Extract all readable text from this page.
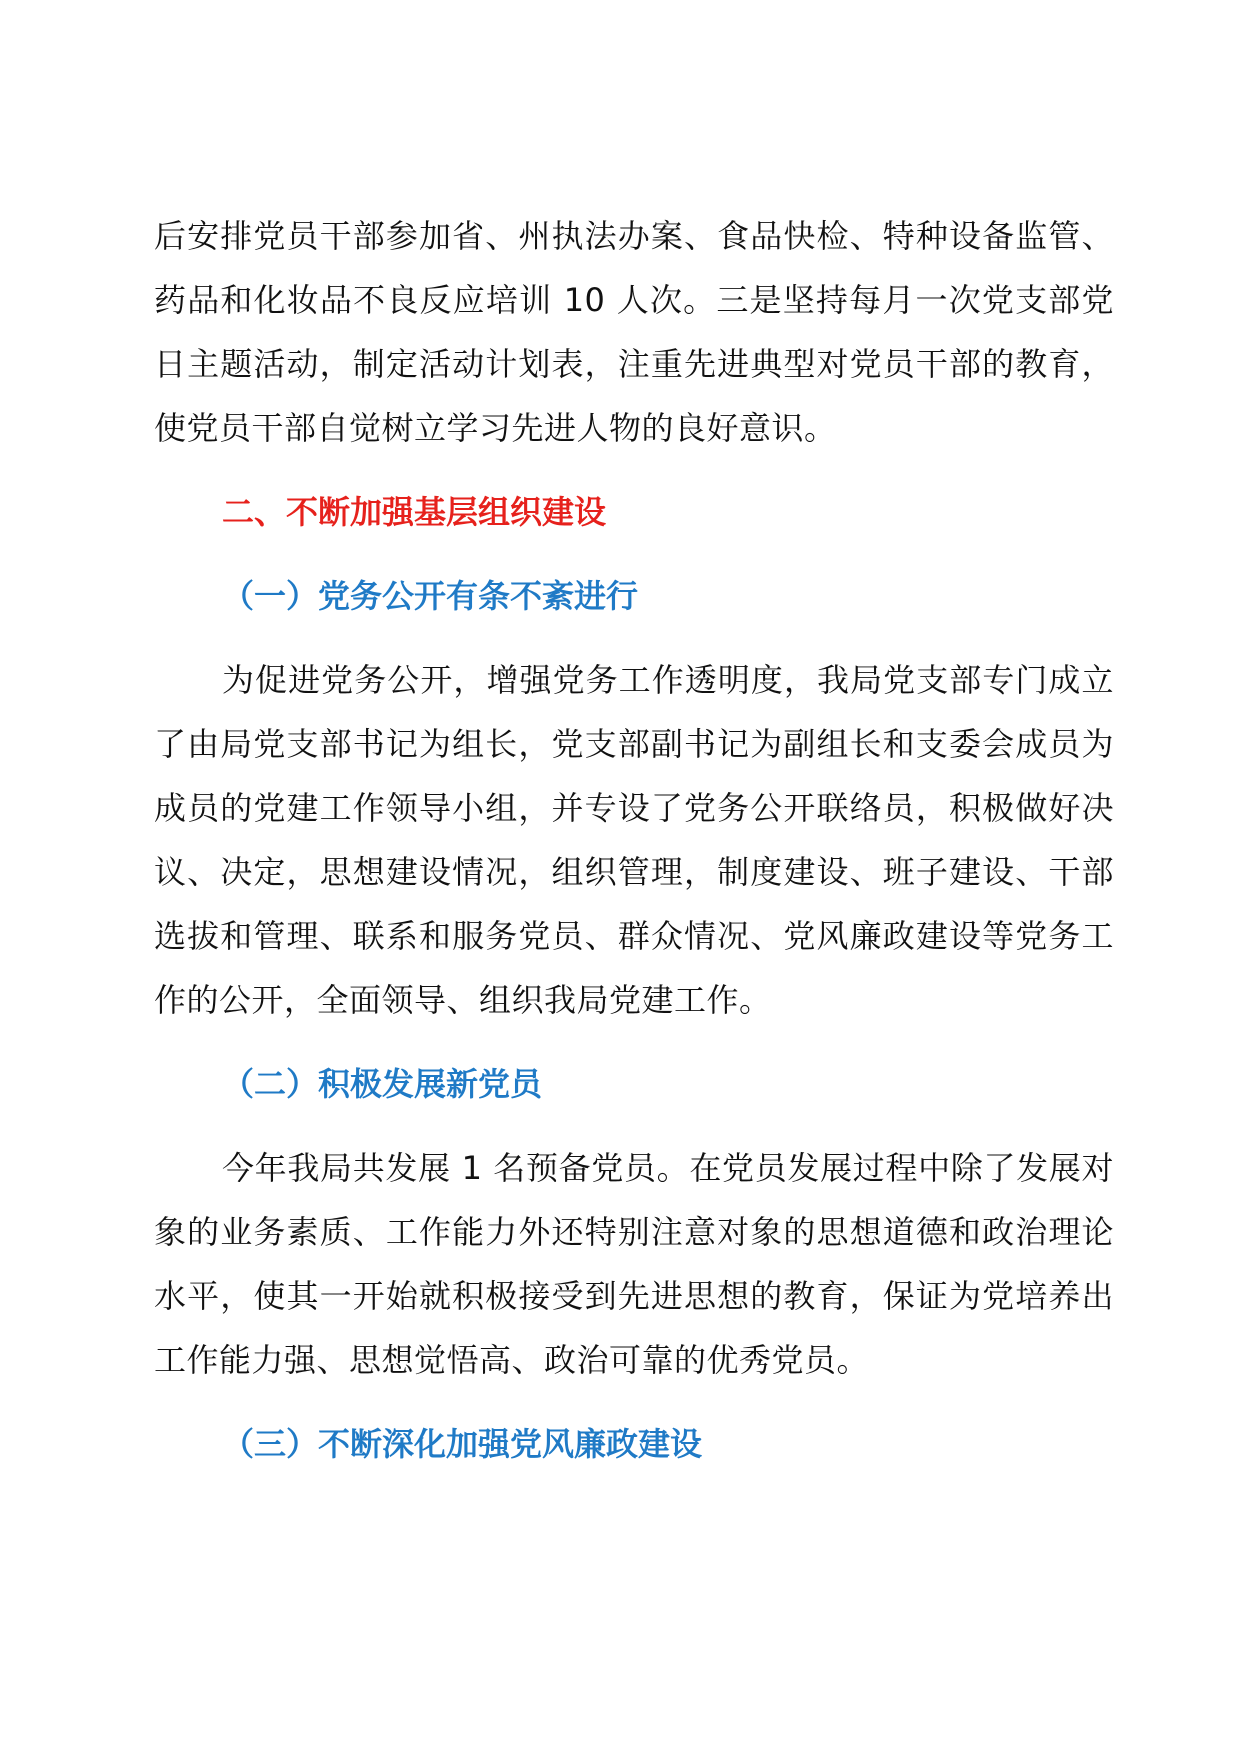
后安排党员干部参加省、州执法办案、食品快检、特种设备监管、药品和化妆品不良反应培训 10 人次。三是坚持每月一次党支部党日主题活动，制定活动计划表，注重先进典型对党员干部的教育，使党员干部自觉树立学习先进人物的良好意识。

二、不断加强基层组织建设
（一）党务公开有条不紊进行

为促进党务公开，增强党务工作透明度，我局党支部专门成立了由局党支部书记为组长，党支部副书记为副组长和支委会成员为成员的党建工作领导小组，并专设了党务公开联络员，积极做好决议、决定，思想建设情况，组织管理，制度建设、班子建设、干部选拔和管理、联系和服务党员、群众情况、党风廉政建设等党务工作的公开，全面领导、组织我局党建工作。

（二）积极发展新党员

今年我局共发展 1 名预备党员。在党员发展过程中除了发展对象的业务素质、工作能力外还特别注意对象的思想道德和政治理论水平，使其一开始就积极接受到先进思想的教育，保证为党培养出工作能力强、思想觉悟高、政治可靠的优秀党员。

（三）不断深化加强党风廉政建设
